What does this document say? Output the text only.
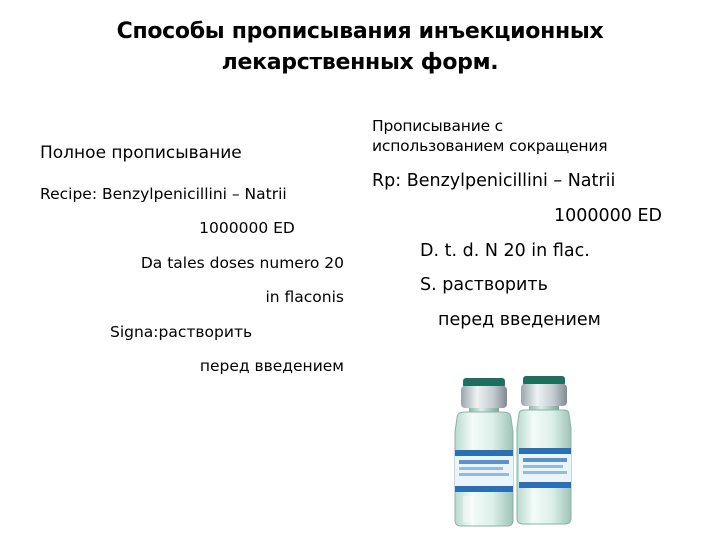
Способы прописывания инъекционных
лекарственных форм.
Полное прописывание
Recipe: Benzylpenicillini – Natrii
1000000 ED
Da tales doses numero 20
in flaconis
Signa:растворить
перед введением
Прописывание с
использованием сокращения
Rp: Benzylpenicillini – Natrii
1000000 ED
D. t. d. N 20 in flac.
S. растворить
перед введением
